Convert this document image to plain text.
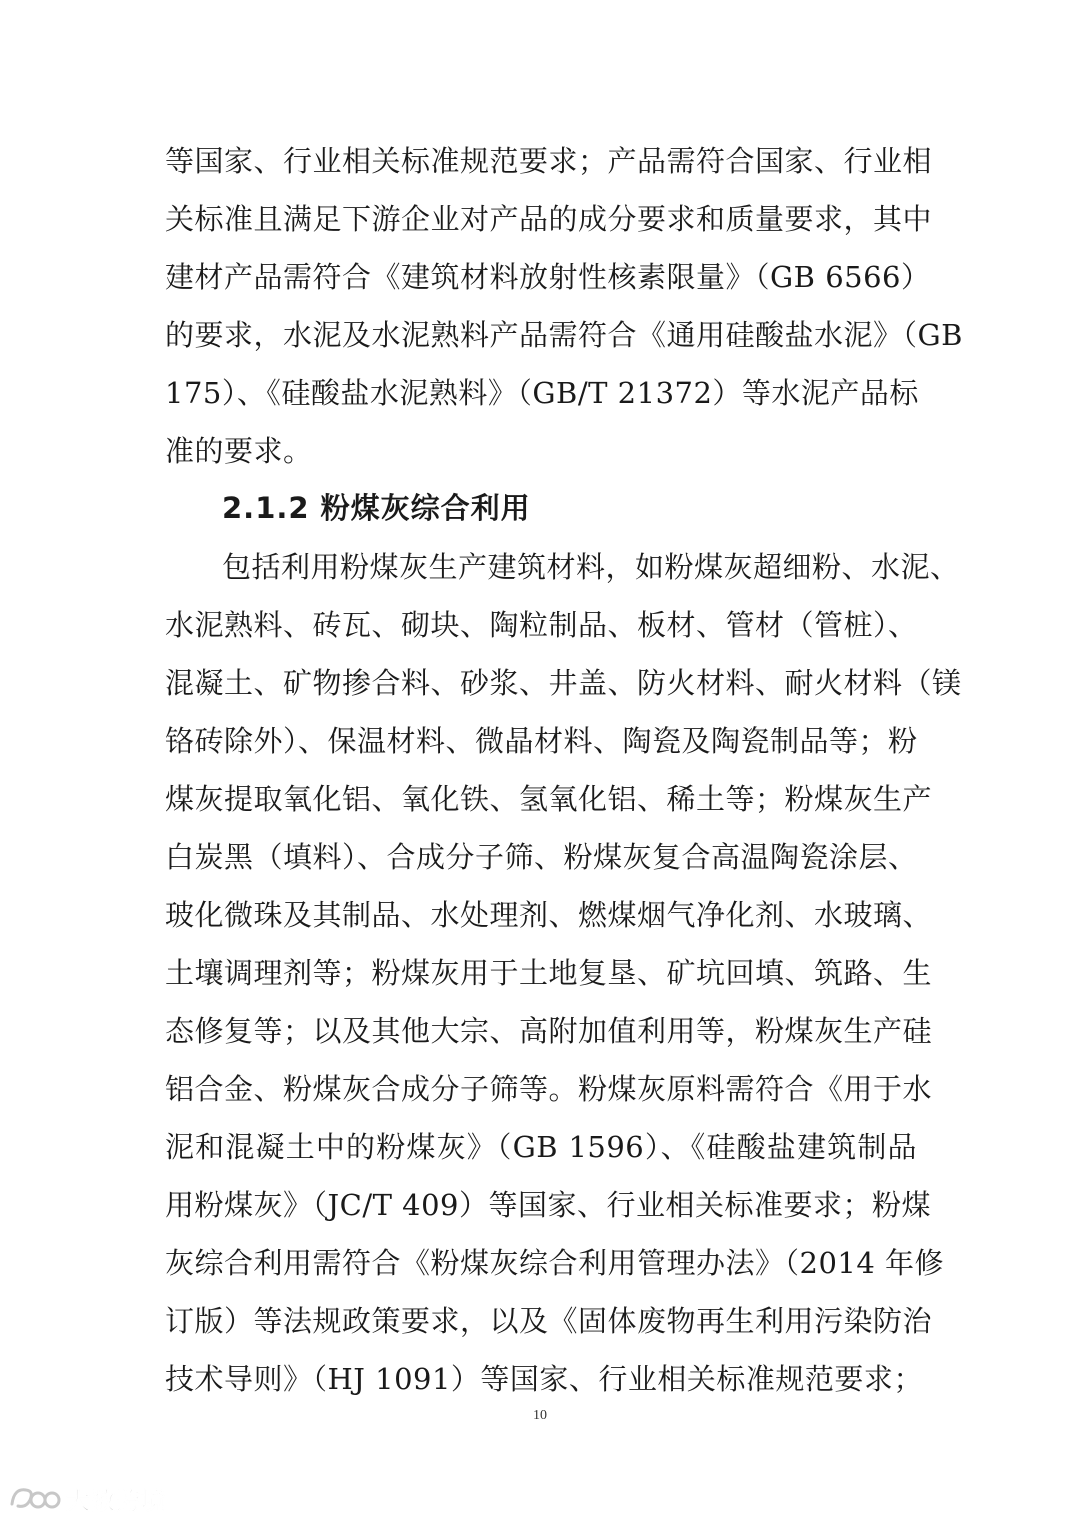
等国家、行业相关标准规范要求；产品需符合国家、行业相
关标准且满足下游企业对产品的成分要求和质量要求，其中
建材产品需符合《建筑材料放射性核素限量》（GB 6566）
的要求，水泥及水泥熟料产品需符合《通用硅酸盐水泥》（GB
175）、《硅酸盐水泥熟料》（GB/T 21372）等水泥产品标
准的要求。
2.1.2 粉煤灰综合利用
包括利用粉煤灰生产建筑材料，如粉煤灰超细粉、水泥、
水泥熟料、砖瓦、砌块、陶粒制品、板材、管材（管桩）、
混凝土、矿物掺合料、砂浆、井盖、防火材料、耐火材料（镁
铬砖除外）、保温材料、微晶材料、陶瓷及陶瓷制品等；粉
煤灰提取氧化铝、氧化铁、氢氧化铝、稀土等；粉煤灰生产
白炭黑（填料）、合成分子筛、粉煤灰复合高温陶瓷涂层、
玻化微珠及其制品、水处理剂、燃煤烟气净化剂、水玻璃、
土壤调理剂等；粉煤灰用于土地复垦、矿坑回填、筑路、生
态修复等；以及其他大宗、高附加值利用等，粉煤灰生产硅
铝合金、粉煤灰合成分子筛等。粉煤灰原料需符合《用于水
泥和混凝土中的粉煤灰》（GB 1596）、《硅酸盐建筑制品
用粉煤灰》（JC/T 409）等国家、行业相关标准要求；粉煤
灰综合利用需符合《粉煤灰综合利用管理办法》（2014 年修
订版）等法规政策要求，以及《固体废物再生利用污染防治
技术导则》（HJ 1091）等国家、行业相关标准规范要求；
10
大数跨境
